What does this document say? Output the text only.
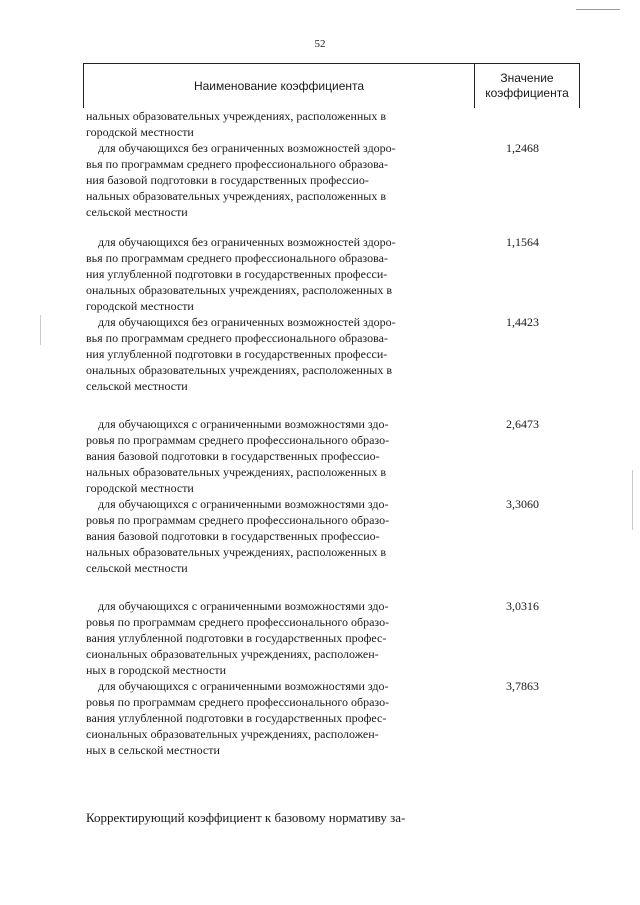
52
Наименование коэффициента
Значение
коэффициента
нальных образовательных учреждениях, расположенных в
городской местности
для обучающихся без ограниченных возможностей здоро-
вья по программам среднего профессионального образова-
ния базовой подготовки в государственных профессио-
нальных образовательных учреждениях, расположенных в
сельской местности
1,2468
для обучающихся без ограниченных возможностей здоро-
вья по программам среднего профессионального образова-
ния углубленной подготовки в государственных професси-
ональных образовательных учреждениях, расположенных в
городской местности
1,1564
для обучающихся без ограниченных возможностей здоро-
вья по программам среднего профессионального образова-
ния углубленной подготовки в государственных професси-
ональных образовательных учреждениях, расположенных в
сельской местности
1,4423
для обучающихся с ограниченными возможностями здо-
ровья по программам среднего профессионального образо-
вания базовой подготовки в государственных профессио-
нальных образовательных учреждениях, расположенных в
городской местности
2,6473
для обучающихся с ограниченными возможностями здо-
ровья по программам среднего профессионального образо-
вания базовой подготовки в государственных профессио-
нальных образовательных учреждениях, расположенных в
сельской местности
3,3060
для обучающихся с ограниченными возможностями здо-
ровья по программам среднего профессионального образо-
вания углубленной подготовки в государственных профес-
сиональных образовательных учреждениях, расположен-
ных в городской местности
3,0316
для обучающихся с ограниченными возможностями здо-
ровья по программам среднего профессионального образо-
вания углубленной подготовки в государственных профес-
сиональных образовательных учреждениях, расположен-
ных в сельской местности
3,7863
Корректирующий коэффициент к базовому нормативу за-
